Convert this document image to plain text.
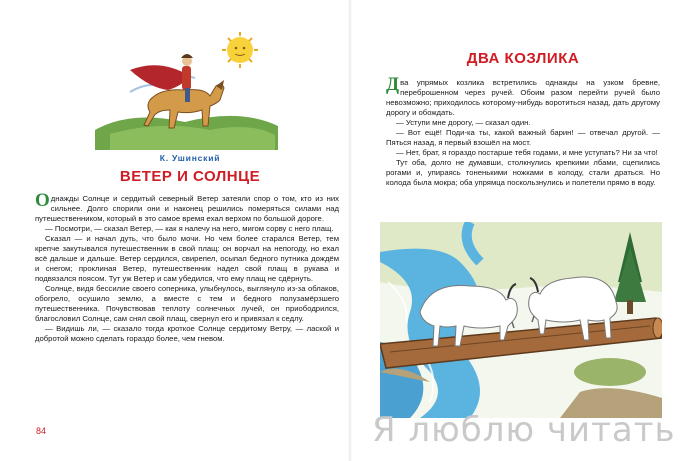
К. Ушинский
ВЕТЕР И СОЛНЦЕ

Однажды Солнце и сердитый северный Ветер затеяли спор о том, кто из них сильнее. Долго спорили они и наконец решились померяться силами над путешественником, который в это самое время ехал верхом по большой дороге.

— Посмотри, — сказал Ветер, — как я налечу на него, мигом сорву с него плащ.

Сказал — и начал дуть, что было мочи. Но чем более старался Ветер, тем крепче закутывался путешественник в свой плащ: он ворчал на непогоду, но ехал всё дальше и дальше. Ветер сердился, свирепел, осыпал бедного путника дождём и снегом; проклиная Ветер, путешественник надел свой плащ в рукава и подвязался поясом. Тут уж Ветер и сам убедился, что ему плащ не сдёрнуть.

Солнце, видя бессилие своего соперника, улыбнулось, выглянуло из-за облаков, обогрело, осушило землю, а вместе с тем и бедного полузамёрзшего путешественника. Почувствовав теплоту солнечных лучей, он приободрился, благословил Солнце, сам снял свой плащ, свернул его и привязал к седлу.

— Видишь ли, — сказало тогда кроткое Солнце сердитому Ветру, — лаской и добротой можно сделать гораздо более, чем гневом.

84
ДВА КОЗЛИКА

Два упрямых козлика встретились однажды на узком бревне, переброшенном через ручей. Обоим разом перейти ручей было невозможно; приходилось которому-нибудь воротиться назад, дать другому дорогу и обождать.

— Уступи мне дорогу, — сказал один.

— Вот ещё! Поди-ка ты, какой важный барин! — отвечал другой. — Пяться назад, я первый взошёл на мост.

— Нет, брат, я гораздо постарше тебя годами, и мне уступать? Ни за что!

Тут оба, долго не думавши, столкнулись крепкими лбами, сцепились рогами и, упираясь тоненькими ножками в колоду, стали драться. Но колода была мокра; оба упрямца поскользнулись и полетели прямо в воду.

Я люблю читать
